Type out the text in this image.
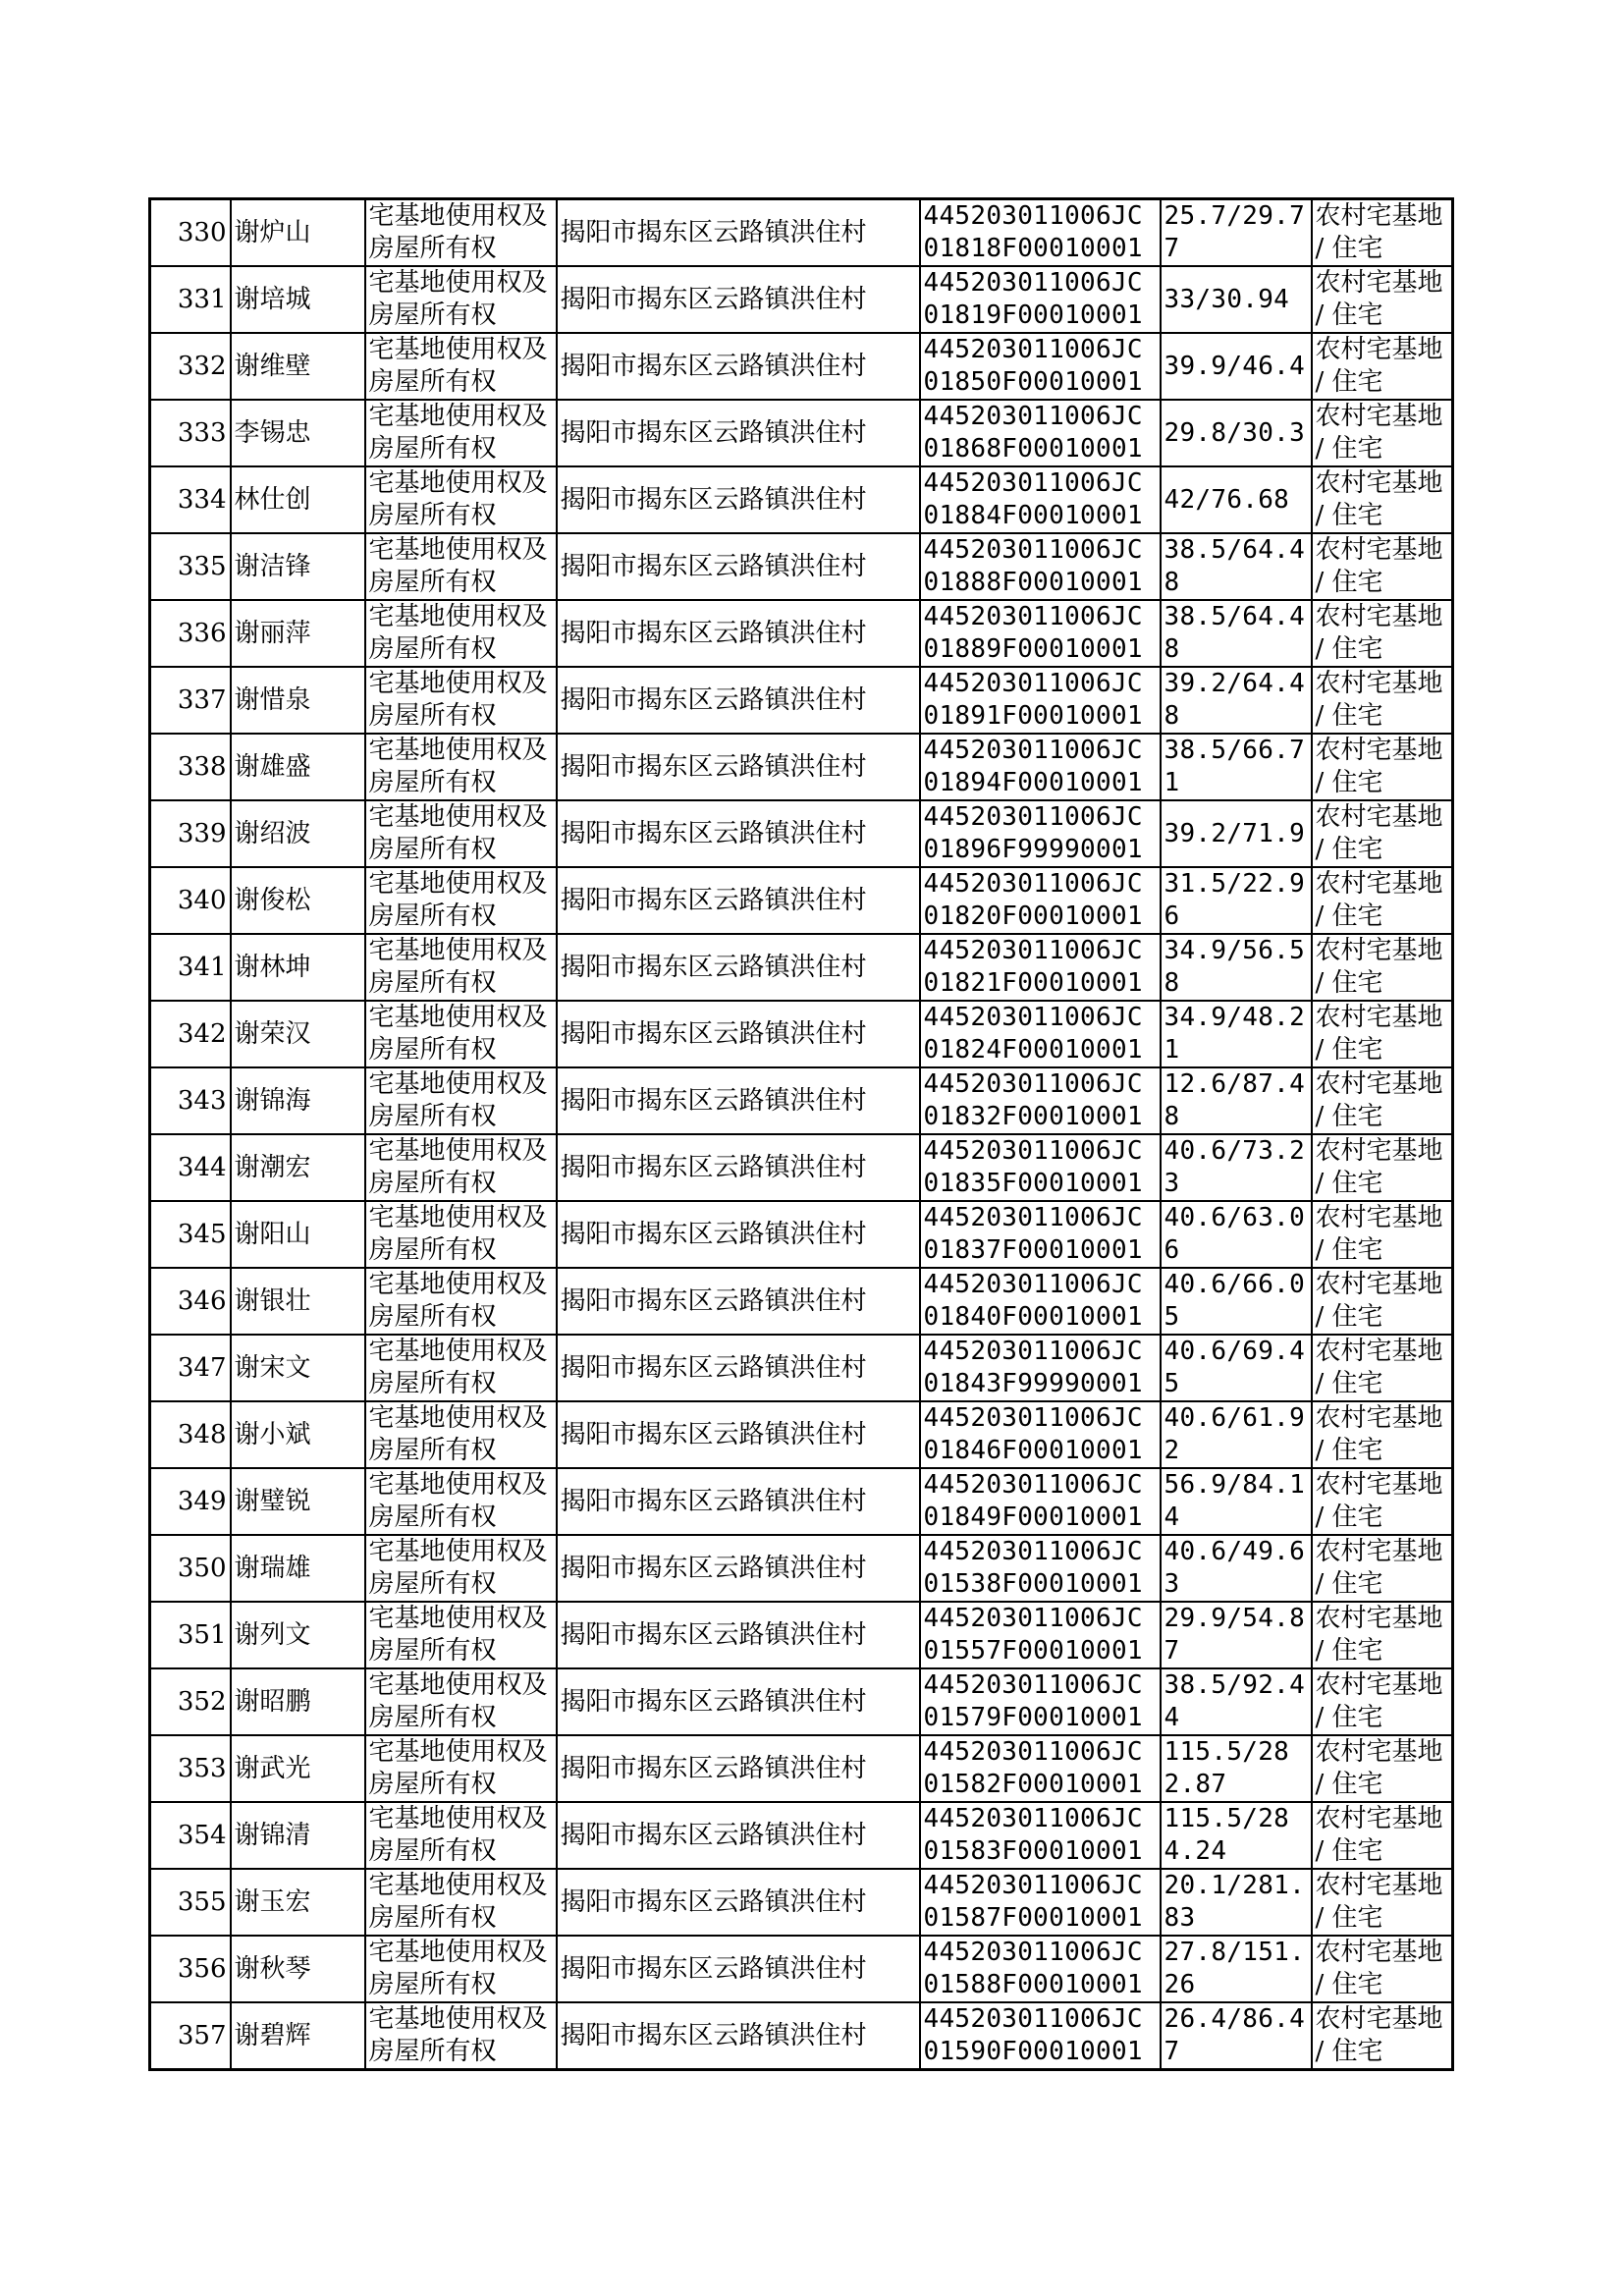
330	谢炉山	宅基地使用权及房屋所有权	揭阳市揭东区云路镇洪住村	445203011006JC01818F00010001	25.7/29.77	农村宅基地 / 住宅

331	谢培城	宅基地使用权及房屋所有权	揭阳市揭东区云路镇洪住村	445203011006JC01819F00010001	33/30.94	农村宅基地 / 住宅

332	谢维壁	宅基地使用权及房屋所有权	揭阳市揭东区云路镇洪住村	445203011006JC01850F00010001	39.9/46.4	农村宅基地 / 住宅

333	李锡忠	宅基地使用权及房屋所有权	揭阳市揭东区云路镇洪住村	445203011006JC01868F00010001	29.8/30.3	农村宅基地 / 住宅

334	林仕创	宅基地使用权及房屋所有权	揭阳市揭东区云路镇洪住村	445203011006JC01884F00010001	42/76.68	农村宅基地 / 住宅

335	谢洁锋	宅基地使用权及房屋所有权	揭阳市揭东区云路镇洪住村	445203011006JC01888F00010001	38.5/64.48	农村宅基地 / 住宅

336	谢丽萍	宅基地使用权及房屋所有权	揭阳市揭东区云路镇洪住村	445203011006JC01889F00010001	38.5/64.48	农村宅基地 / 住宅

337	谢惜泉	宅基地使用权及房屋所有权	揭阳市揭东区云路镇洪住村	445203011006JC01891F00010001	39.2/64.48	农村宅基地 / 住宅

338	谢雄盛	宅基地使用权及房屋所有权	揭阳市揭东区云路镇洪住村	445203011006JC01894F00010001	38.5/66.71	农村宅基地 / 住宅

339	谢绍波	宅基地使用权及房屋所有权	揭阳市揭东区云路镇洪住村	445203011006JC01896F99990001	39.2/71.9	农村宅基地 / 住宅

340	谢俊松	宅基地使用权及房屋所有权	揭阳市揭东区云路镇洪住村	445203011006JC01820F00010001	31.5/22.96	农村宅基地 / 住宅

341	谢林坤	宅基地使用权及房屋所有权	揭阳市揭东区云路镇洪住村	445203011006JC01821F00010001	34.9/56.58	农村宅基地 / 住宅

342	谢荣汉	宅基地使用权及房屋所有权	揭阳市揭东区云路镇洪住村	445203011006JC01824F00010001	34.9/48.21	农村宅基地 / 住宅

343	谢锦海	宅基地使用权及房屋所有权	揭阳市揭东区云路镇洪住村	445203011006JC01832F00010001	12.6/87.48	农村宅基地 / 住宅

344	谢潮宏	宅基地使用权及房屋所有权	揭阳市揭东区云路镇洪住村	445203011006JC01835F00010001	40.6/73.23	农村宅基地 / 住宅

345	谢阳山	宅基地使用权及房屋所有权	揭阳市揭东区云路镇洪住村	445203011006JC01837F00010001	40.6/63.06	农村宅基地 / 住宅

346	谢银壮	宅基地使用权及房屋所有权	揭阳市揭东区云路镇洪住村	445203011006JC01840F00010001	40.6/66.05	农村宅基地 / 住宅

347	谢宋文	宅基地使用权及房屋所有权	揭阳市揭东区云路镇洪住村	445203011006JC01843F99990001	40.6/69.45	农村宅基地 / 住宅

348	谢小斌	宅基地使用权及房屋所有权	揭阳市揭东区云路镇洪住村	445203011006JC01846F00010001	40.6/61.92	农村宅基地 / 住宅

349	谢璧锐	宅基地使用权及房屋所有权	揭阳市揭东区云路镇洪住村	445203011006JC01849F00010001	56.9/84.14	农村宅基地 / 住宅

350	谢瑞雄	宅基地使用权及房屋所有权	揭阳市揭东区云路镇洪住村	445203011006JC01538F00010001	40.6/49.63	农村宅基地 / 住宅

351	谢列文	宅基地使用权及房屋所有权	揭阳市揭东区云路镇洪住村	445203011006JC01557F00010001	29.9/54.87	农村宅基地 / 住宅

352	谢昭鹏	宅基地使用权及房屋所有权	揭阳市揭东区云路镇洪住村	445203011006JC01579F00010001	38.5/92.44	农村宅基地 / 住宅

353	谢武光	宅基地使用权及房屋所有权	揭阳市揭东区云路镇洪住村	445203011006JC01582F00010001	115.5/282.87	农村宅基地 / 住宅

354	谢锦清	宅基地使用权及房屋所有权	揭阳市揭东区云路镇洪住村	445203011006JC01583F00010001	115.5/284.24	农村宅基地 / 住宅

355	谢玉宏	宅基地使用权及房屋所有权	揭阳市揭东区云路镇洪住村	445203011006JC01587F00010001	20.1/281.83	农村宅基地 / 住宅

356	谢秋琴	宅基地使用权及房屋所有权	揭阳市揭东区云路镇洪住村	445203011006JC01588F00010001	27.8/151.26	农村宅基地 / 住宅

357	谢碧辉	宅基地使用权及房屋所有权	揭阳市揭东区云路镇洪住村	445203011006JC01590F00010001	26.4/86.47	农村宅基地 / 住宅
